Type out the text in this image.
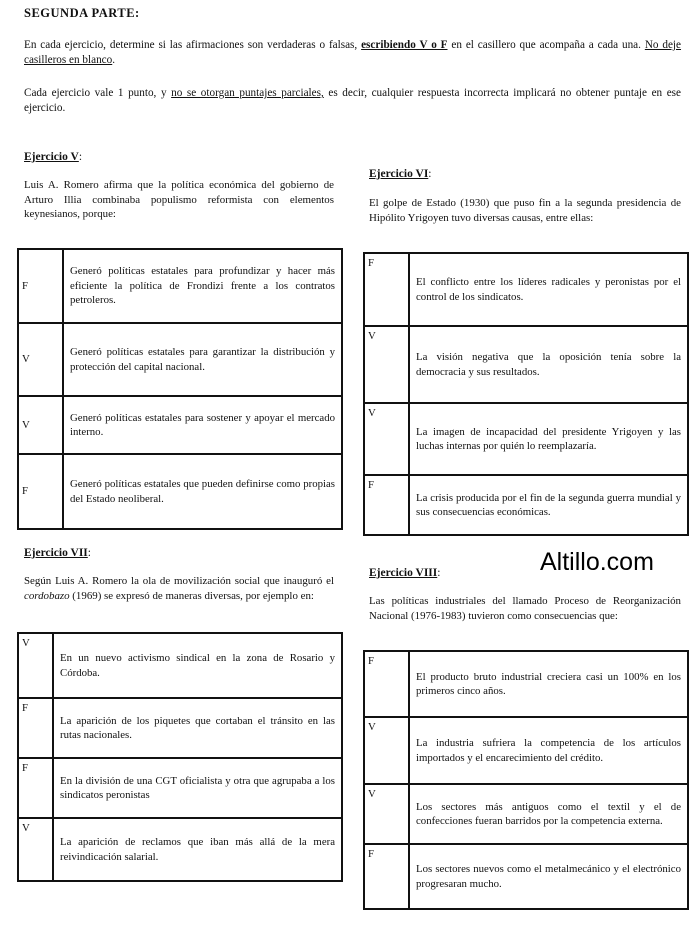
SEGUNDA PARTE:

En cada ejercicio, determine si las afirmaciones son verdaderas o falsas, escribiendo V o F en el casillero que acompaña a cada una. No deje casilleros en blanco.

Cada ejercicio vale 1 punto, y no se otorgan puntajes parciales, es decir, cualquier respuesta incorrecta implicará no obtener puntaje en ese ejercicio.

Ejercicio V:

Luis A. Romero afirma que la política económica del gobierno de Arturo Illia combinaba populismo reformista con elementos keynesianos, porque:

F	Generó políticas estatales para profundizar y hacer más eficiente la política de Frondizi frente a los contratos petroleros.
V	Generó políticas estatales para garantizar la distribución y protección del capital nacional.
V	Generó políticas estatales para sostener y apoyar el mercado interno.
F	Generó políticas estatales que pueden definirse como propias del Estado neoliberal.
Ejercicio VI:

El golpe de Estado (1930) que puso fin a la segunda presidencia de Hipólito Yrigoyen tuvo diversas causas, entre ellas:

F	El conflicto entre los líderes radicales y peronistas por el control de los sindicatos.
V	La visión negativa que la oposición tenía sobre la democracia y sus resultados.
V	La imagen de incapacidad del presidente Yrigoyen y las luchas internas por quién lo reemplazaría.
F	La crisis producida por el fin de la segunda guerra mundial y sus consecuencias económicas.
Altillo.com
Ejercicio VII:

Según Luis A. Romero la ola de movilización social que inauguró el cordobazo (1969) se expresó de maneras diversas, por ejemplo en:

V	En un nuevo activismo sindical en la zona de Rosario y Córdoba.
F	La aparición de los piquetes que cortaban el tránsito en las rutas nacionales.
F	En la división de una CGT oficialista y otra que agrupaba a los sindicatos peronistas
V	La aparición de reclamos que iban más allá de la mera reivindicación salarial.
Ejercicio VIII:

Las políticas industriales del llamado Proceso de Reorganización Nacional (1976-1983) tuvieron como consecuencias que:

F	El producto bruto industrial creciera casi un 100% en los primeros cinco años.
V	La industria sufriera la competencia de los artículos importados y el encarecimiento del crédito.
V	Los sectores más antiguos como el textil y el de confecciones fueran barridos por la competencia externa.
F	Los sectores nuevos como el metalmecánico y el electrónico progresaran mucho.
